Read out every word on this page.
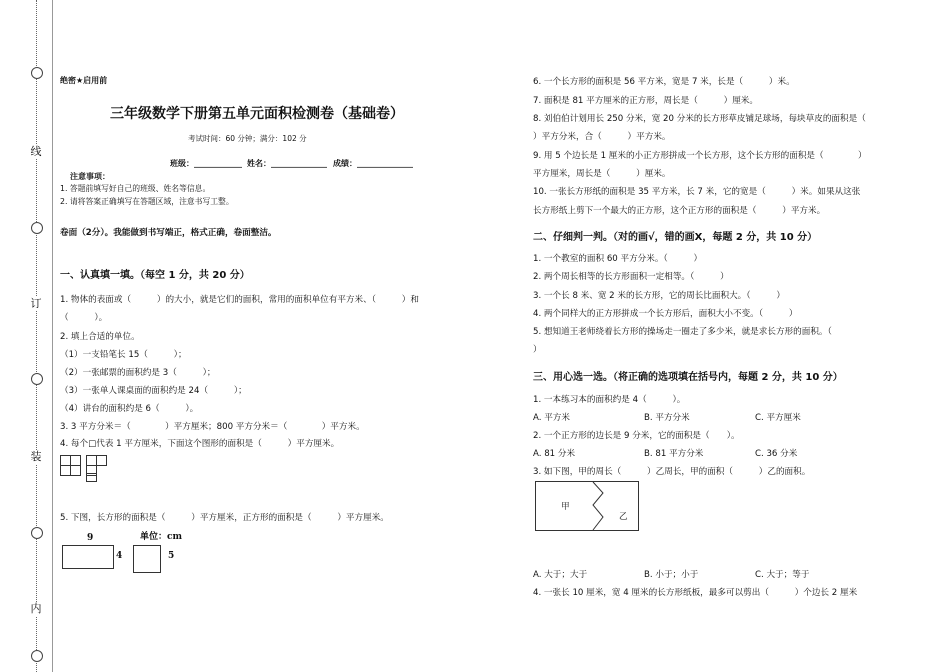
线
订
装
内
绝密★启用前
三年级数学下册第五单元面积检测卷（基础卷）
考试时间：60 分钟；满分：102 分
班级：____________ 姓名：______________ 成绩：______________
注意事项：
1. 答题前填写好自己的班级、姓名等信息。
2. 请将答案正确填写在答题区域，注意书写工整。
卷面（2分）。我能做到书写端正，格式正确，卷面整洁。
一、认真填一填。（每空 1 分，共 20 分）
1. 物体的表面或（　　　）的大小，就是它们的面积，常用的面积单位有平方米、（　　　）和
（　　　）。
2. 填上合适的单位。
（1）一支铅笔长 15（　　　）；
（2）一张邮票的面积约是 3（　　　）；
（3）一张单人课桌面的面积约是 24（　　　）；
（4）讲台的面积约是 6（　　　）。
3. 3 平方分米＝（　　　　）平方厘米；800 平方分米＝（　　　　）平方米。
4. 每个□代表 1 平方厘米，下面这个图形的面积是（　　　）平方厘米。
5. 下图，长方形的面积是（　　　）平方厘米，正方形的面积是（　　　）平方厘米。
单位：cm
9
4	5
6. 一个长方形的面积是 56 平方米，宽是 7 米，长是（　　　）米。
7. 面积是 81 平方厘米的正方形，周长是（　　　）厘米。
8. 刘伯伯计划用长 250 分米，宽 20 分米的长方形草皮铺足球场，每块草皮的面积是（
）平方分米，合（　　　）平方米。
9. 用 5 个边长是 1 厘米的小正方形拼成一个长方形，这个长方形的面积是（　　　　）
平方厘米，周长是（　　　）厘米。
10. 一张长方形纸的面积是 35 平方米，长 7 米，它的宽是（　　　）米。如果从这张
长方形纸上剪下一个最大的正方形，这个正方形的面积是（　　　）平方米。
二、仔细判一判。（对的画√，错的画X，每题 2 分，共 10 分）
1. 一个教室的面积 60 平方分米。（　　　）
2. 两个周长相等的长方形面积一定相等。（　　　）
3. 一个长 8 米、宽 2 米的长方形，它的周长比面积大。（　　　）
4. 两个同样大的正方形拼成一个长方形后，面积大小不变。（　　　）
5. 想知道王老师绕着长方形的操场走一圈走了多少米，就是求长方形的面积。（
）
三、用心选一选。（将正确的选项填在括号内，每题 2 分，共 10 分）
1. 一本练习本的面积约是 4（　　　）。
A. 平方米	B. 平方分米	C. 平方厘米
2. 一个正方形的边长是 9 分米，它的面积是（　　）。
A. 81 分米	B. 81 平方分米	C. 36 分米
3. 如下图，甲的周长（　　　）乙周长，甲的面积（　　　）乙的面积。
甲
乙
A. 大于；大于	B. 小于；小于	C. 大于；等于
4. 一张长 10 厘米，宽 4 厘米的长方形纸板，最多可以剪出（　　　）个边长 2 厘米
